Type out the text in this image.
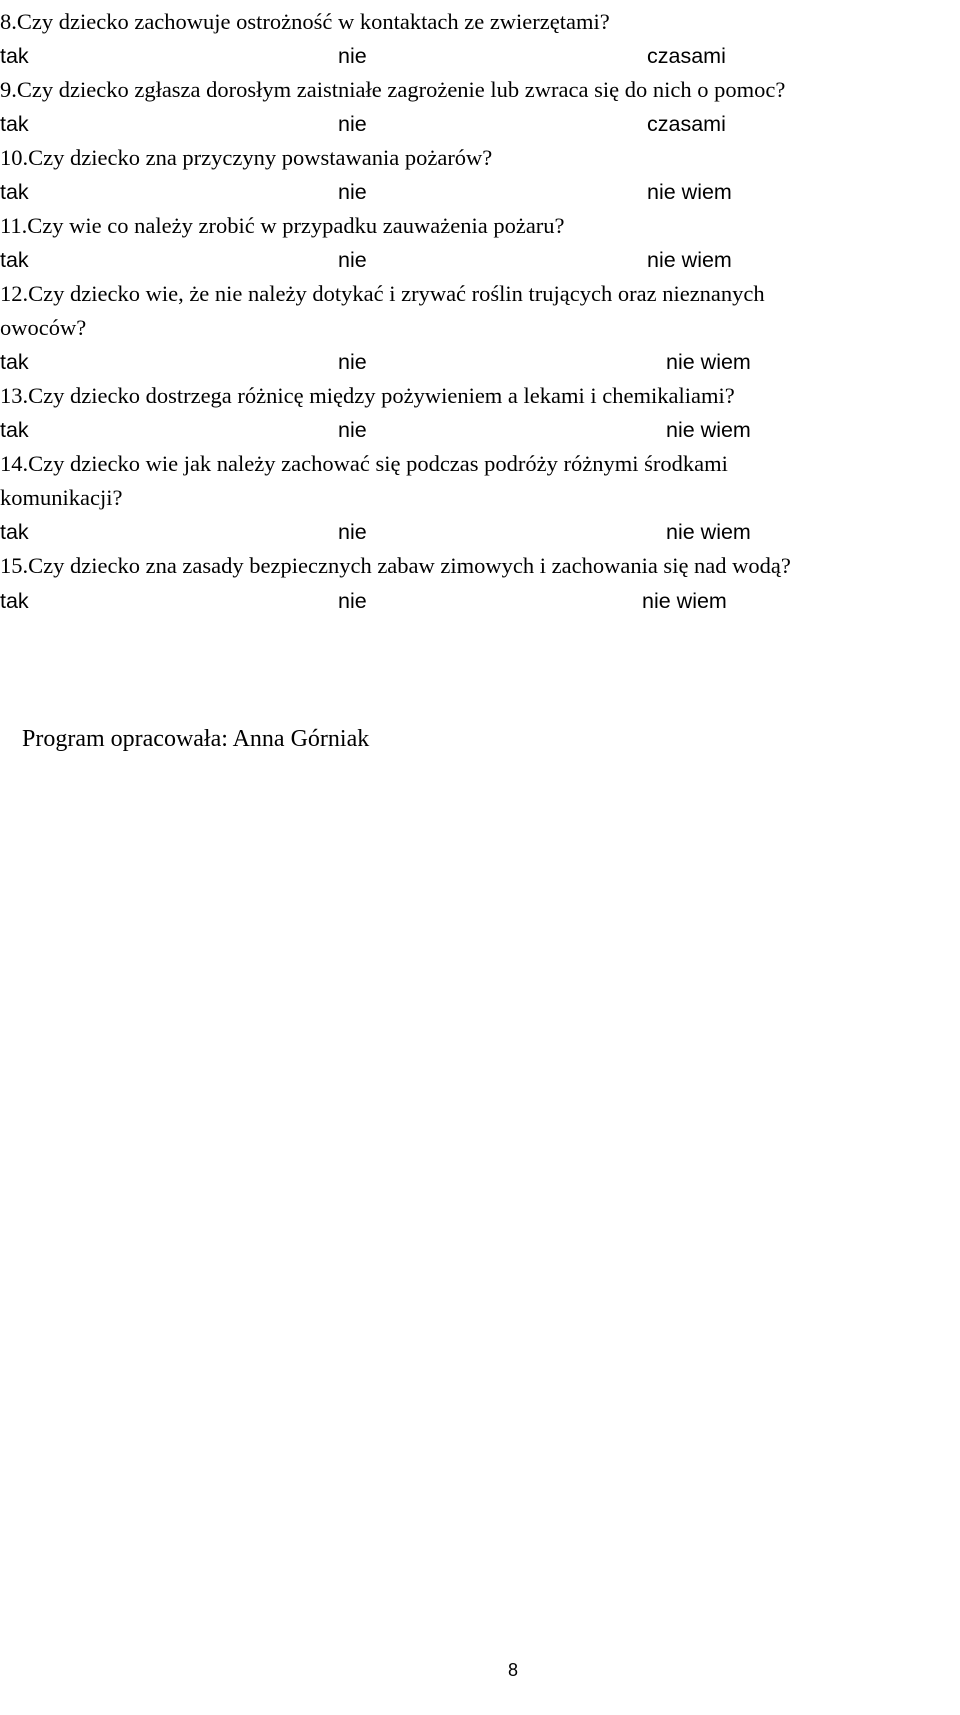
8.Czy dziecko zachowuje ostrożność w kontaktach ze zwierzętami?
tak	nie	czasami
9.Czy dziecko zgłasza dorosłym zaistniałe zagrożenie lub zwraca się do nich o pomoc?
tak	nie	czasami
10.Czy dziecko zna przyczyny powstawania pożarów?
tak	nie	nie wiem
11.Czy wie co należy zrobić w przypadku zauważenia pożaru?
tak	nie	nie wiem
12.Czy dziecko wie, że nie należy dotykać i zrywać roślin trujących oraz nieznanych
owoców?
tak	nie	nie wiem
13.Czy dziecko dostrzega różnicę między pożywieniem a lekami i chemikaliami?
tak	nie	nie wiem
14.Czy dziecko wie jak należy zachować się podczas podróży różnymi środkami
komunikacji?
tak	nie	nie wiem
15.Czy dziecko zna zasady bezpiecznych zabaw zimowych i zachowania się nad wodą?
tak	nie	nie wiem
Program opracowała: Anna Górniak
8
